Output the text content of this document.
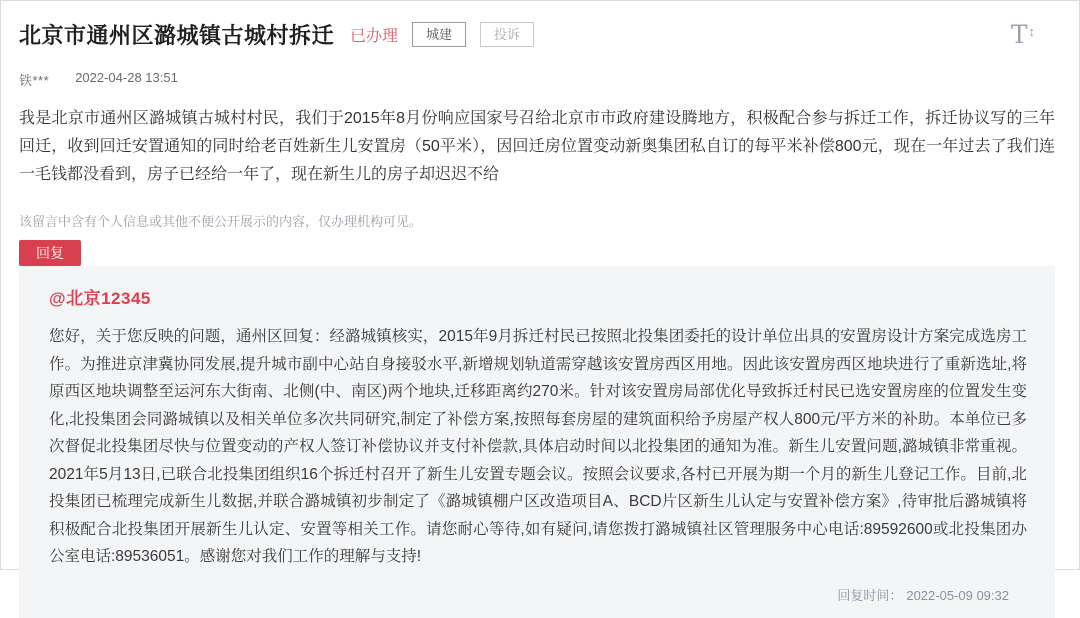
北京市通州区潞城镇古城村拆迁 已办理	城建	投诉	T ↕
铁*** 2022-04-28 13:51

我是北京市通州区潞城镇古城村村民，我们于2015年8月份响应国家号召给北京市市政府建设腾地方，积极配合参与拆迁工作，拆迁协议写的三年回迁，收到回迁安置通知的同时给老百姓新生儿安置房（50平米），因回迁房位置变动新奥集团私自订的每平米补偿800元，现在一年过去了我们连一毛钱都没看到，房子已经给一年了，现在新生儿的房子却迟迟不给

该留言中含有个人信息或其他不便公开展示的内容，仅办理机构可见。

回复
@北京12345

您好，关于您反映的问题，通州区回复：经潞城镇核实，2015年9月拆迁村民已按照北投集团委托的设计单位出具的安置房设计方案完成选房工作。为推进京津冀协同发展,提升城市副中心站自身接驳水平,新增规划轨道需穿越该安置房西区用地。因此该安置房西区地块进行了重新选址,将原西区地块调整至运河东大街南、北侧(中、南区)两个地块,迁移距离约270米。针对该安置房局部优化导致拆迁村民已选安置房座的位置发生变化,北投集团会同潞城镇以及相关单位多次共同研究,制定了补偿方案,按照每套房屋的建筑面积给予房屋产权人800元/平方米的补助。本单位已多次督促北投集团尽快与位置变动的产权人签订补偿协议并支付补偿款,具体启动时间以北投集团的通知为准。新生儿安置问题,潞城镇非常重视。2021年5月13日,已联合北投集团组织16个拆迁村召开了新生儿安置专题会议。按照会议要求,各村已开展为期一个月的新生儿登记工作。目前,北投集团已梳理完成新生儿数据,并联合潞城镇初步制定了《潞城镇棚户区改造项目A、BCD片区新生儿认定与安置补偿方案》,待审批后潞城镇将积极配合北投集团开展新生儿认定、安置等相关工作。请您耐心等待,如有疑问,请您拨打潞城镇社区管理服务中心电话:89592600或北投集团办公室电话:89536051。感谢您对我们工作的理解与支持!

回复时间： 2022-05-09 09:32
